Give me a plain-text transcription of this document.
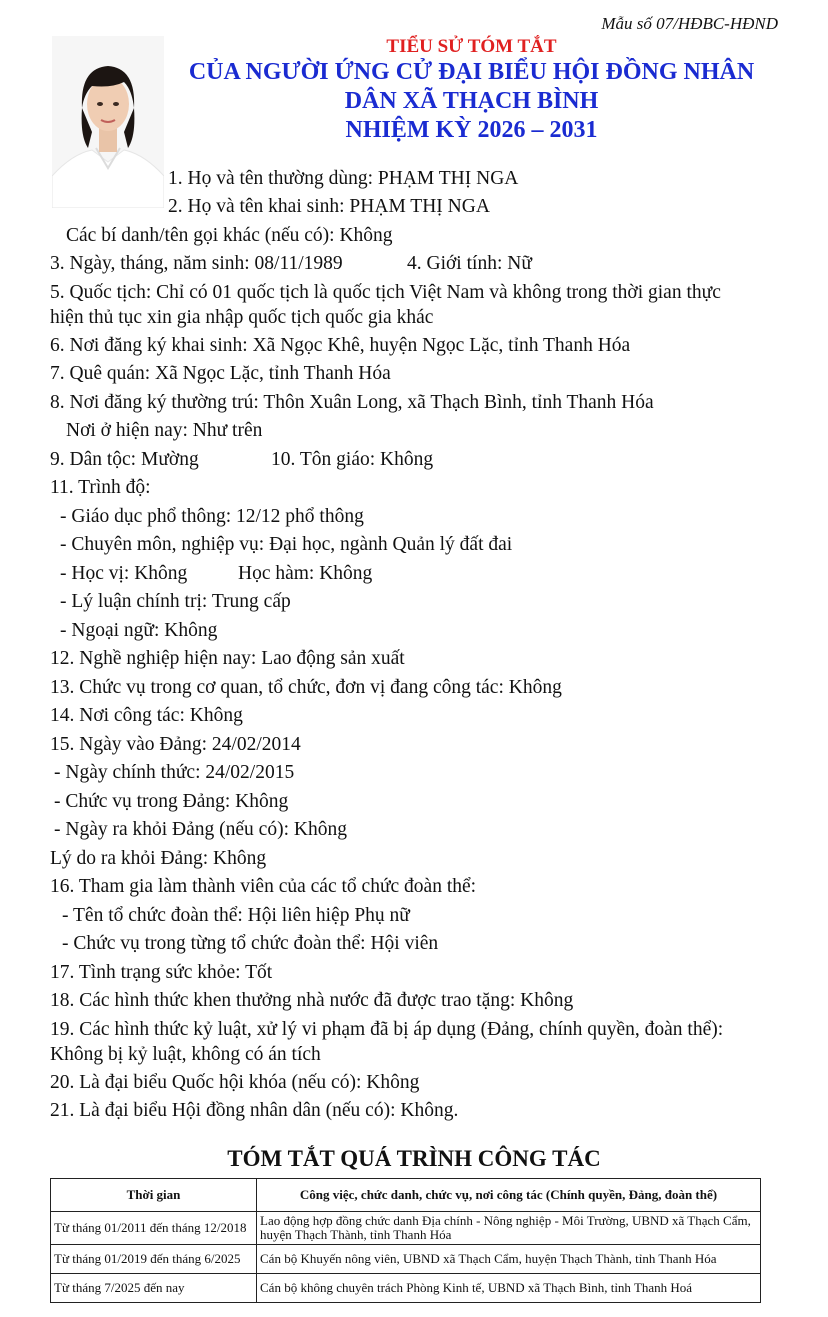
Mẫu số 07/HĐBC-HĐND
TIỂU SỬ TÓM TẮT
CỦA NGƯỜI ỨNG CỬ ĐẠI BIỂU HỘI ĐỒNG NHÂN
DÂN XÃ THẠCH BÌNH
NHIỆM KỲ 2026 – 2031
1. Họ và tên thường dùng: PHẠM THỊ NGA
2. Họ và tên khai sinh: PHẠM THỊ NGA
Các bí danh/tên gọi khác (nếu có): Không
3. Ngày, tháng, năm sinh: 08/11/1989	4. Giới tính: Nữ
5. Quốc tịch: Chỉ có 01 quốc tịch là quốc tịch Việt Nam và không trong thời gian thực
hiện thủ tục xin gia nhập quốc tịch quốc gia khác
6. Nơi đăng ký khai sinh: Xã Ngọc Khê, huyện Ngọc Lặc, tỉnh Thanh Hóa
7. Quê quán: Xã Ngọc Lặc, tỉnh Thanh Hóa
8. Nơi đăng ký thường trú: Thôn Xuân Long, xã Thạch Bình, tỉnh Thanh Hóa
Nơi ở hiện nay: Như trên
9. Dân tộc: Mường	10. Tôn giáo: Không
11. Trình độ:
- Giáo dục phổ thông: 12/12 phổ thông
- Chuyên môn, nghiệp vụ: Đại học, ngành Quản lý đất đai
- Học vị: Không	Học hàm: Không
- Lý luận chính trị: Trung cấp
- Ngoại ngữ: Không
12. Nghề nghiệp hiện nay: Lao động sản xuất
13. Chức vụ trong cơ quan, tổ chức, đơn vị đang công tác: Không
14. Nơi công tác: Không
15. Ngày vào Đảng: 24/02/2014
- Ngày chính thức: 24/02/2015
- Chức vụ trong Đảng: Không
- Ngày ra khỏi Đảng (nếu có): Không
Lý do ra khỏi Đảng: Không
16. Tham gia làm thành viên của các tổ chức đoàn thể:
- Tên tổ chức đoàn thể: Hội liên hiệp Phụ nữ
- Chức vụ trong từng tổ chức đoàn thể: Hội viên
17. Tình trạng sức khỏe: Tốt
18. Các hình thức khen thưởng nhà nước đã được trao tặng: Không
19. Các hình thức kỷ luật, xử lý vi phạm đã bị áp dụng (Đảng, chính quyền, đoàn thể):
Không bị kỷ luật, không có án tích
20. Là đại biểu Quốc hội khóa (nếu có): Không
21. Là đại biểu Hội đồng nhân dân (nếu có): Không.
TÓM TẮT QUÁ TRÌNH CÔNG TÁC
Thời gian	Công việc, chức danh, chức vụ, nơi công tác (Chính quyền, Đảng, đoàn thể)
Từ tháng 01/2011 đến tháng 12/2018	Lao động hợp đồng chức danh Địa chính - Nông nghiệp - Môi Trường, UBND xã Thạch Cẩm, huyện Thạch Thành, tỉnh Thanh Hóa
Từ tháng 01/2019 đến tháng 6/2025	Cán bộ Khuyến nông viên, UBND xã Thạch Cẩm, huyện Thạch Thành, tỉnh Thanh Hóa
Từ tháng 7/2025 đến nay	Cán bộ không chuyên trách Phòng Kinh tế, UBND xã Thạch Bình, tỉnh Thanh Hoá
